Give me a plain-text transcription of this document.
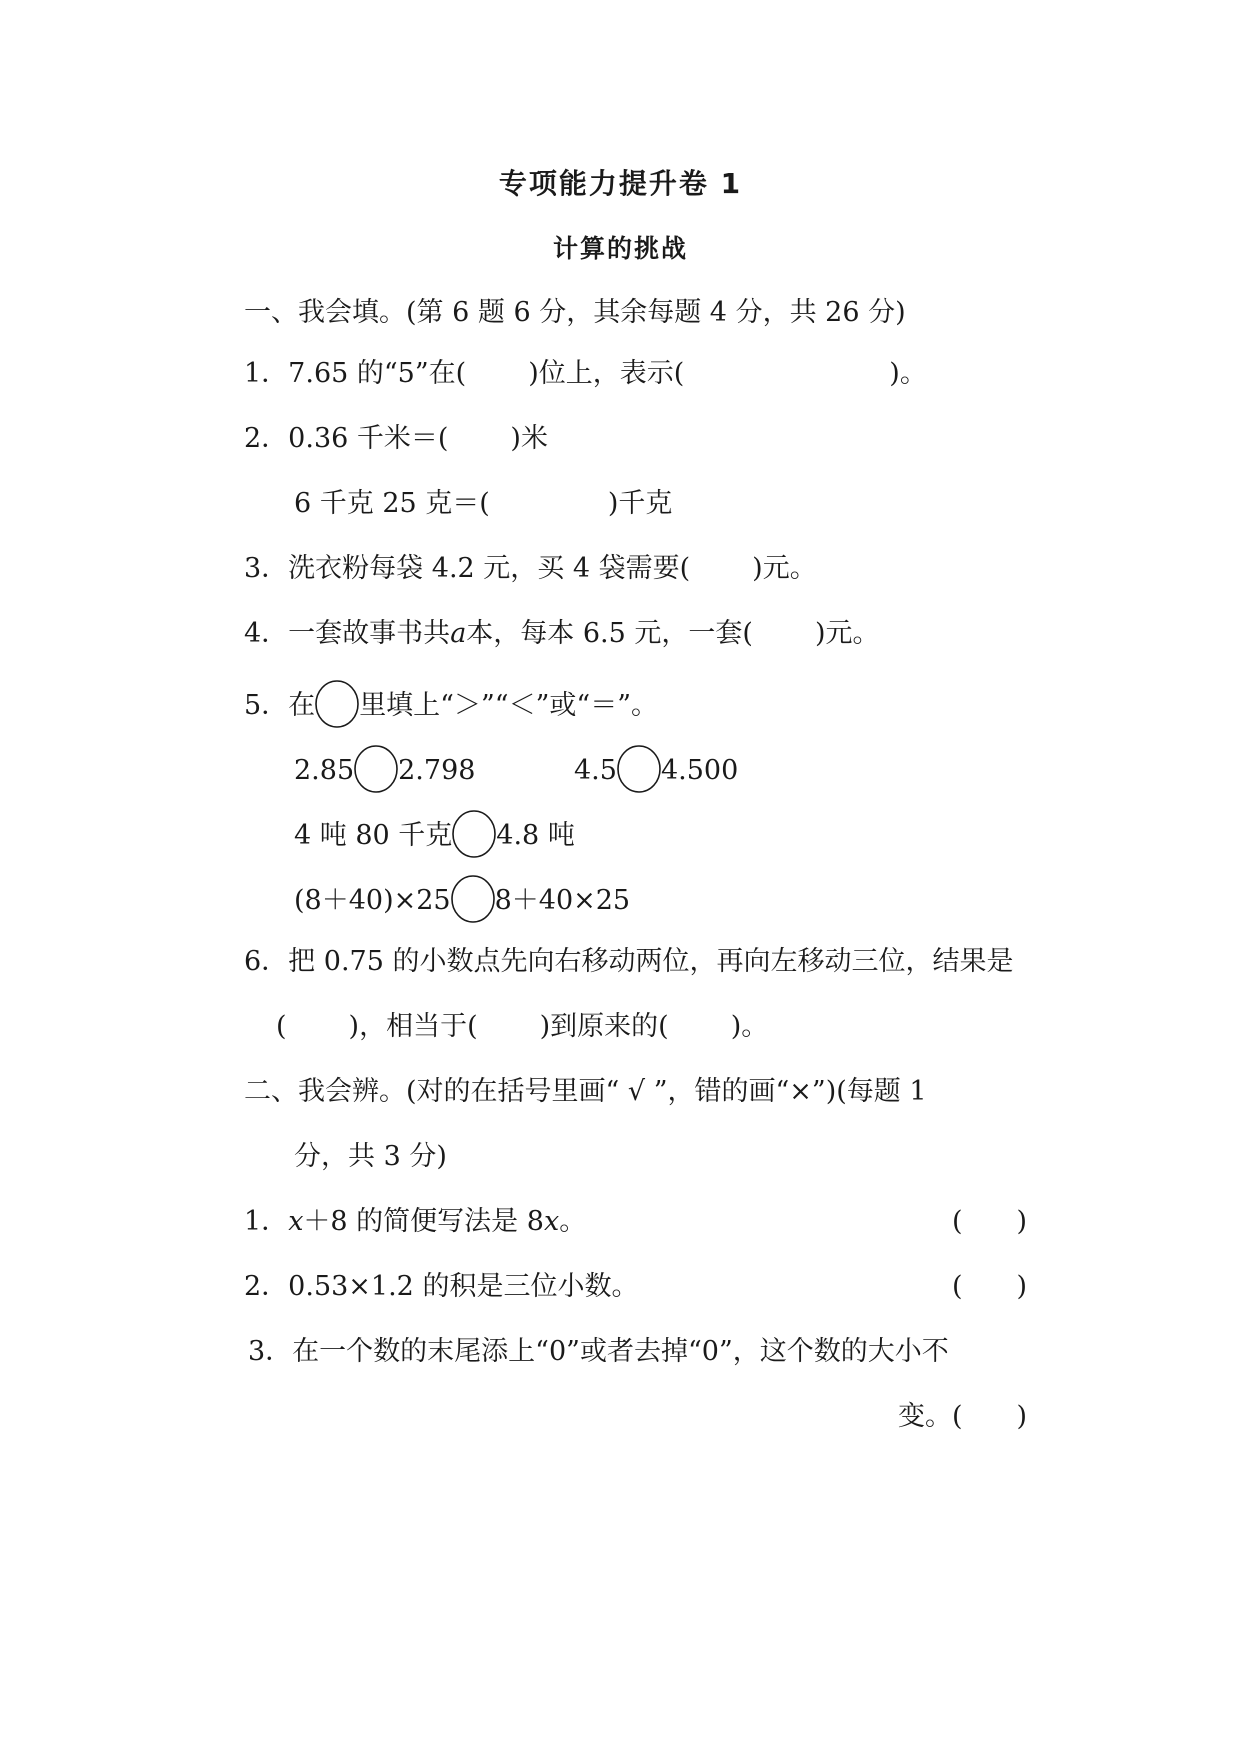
专项能力提升卷 1
计算的挑战
一、我会填。(第 6 题 6 分，其余每题 4 分，共 26 分)
1．7.65 的“5”在( )位上，表示(	)。
2．0.36 千米＝( )米
6 千克 25 克＝(	)千克
3．洗衣粉每袋 4.2 元，买 4 袋需要( )元。
4．一套故事书共a本，每本 6.5 元，一套( )元。
5．在 里填上“＞”“＜”或“＝”。
2.85 2.798	4.5 4.500
4 吨 80 千克 4.8 吨
(8＋40)×25 8＋40×25
6．把 0.75 的小数点先向右移动两位，再向左移动三位，结果是
( )，相当于( )到原来的( )。
二、我会辨。(对的在括号里画“ √ ”，错的画“×”)(每题 1
分，共 3 分)
1．x＋8 的简便写法是 8x。	(　　)
2．0.53×1.2 的积是三位小数。	(　　)
3．在一个数的末尾添上“0”或者去掉“0”，这个数的大小不
变。(　　)
